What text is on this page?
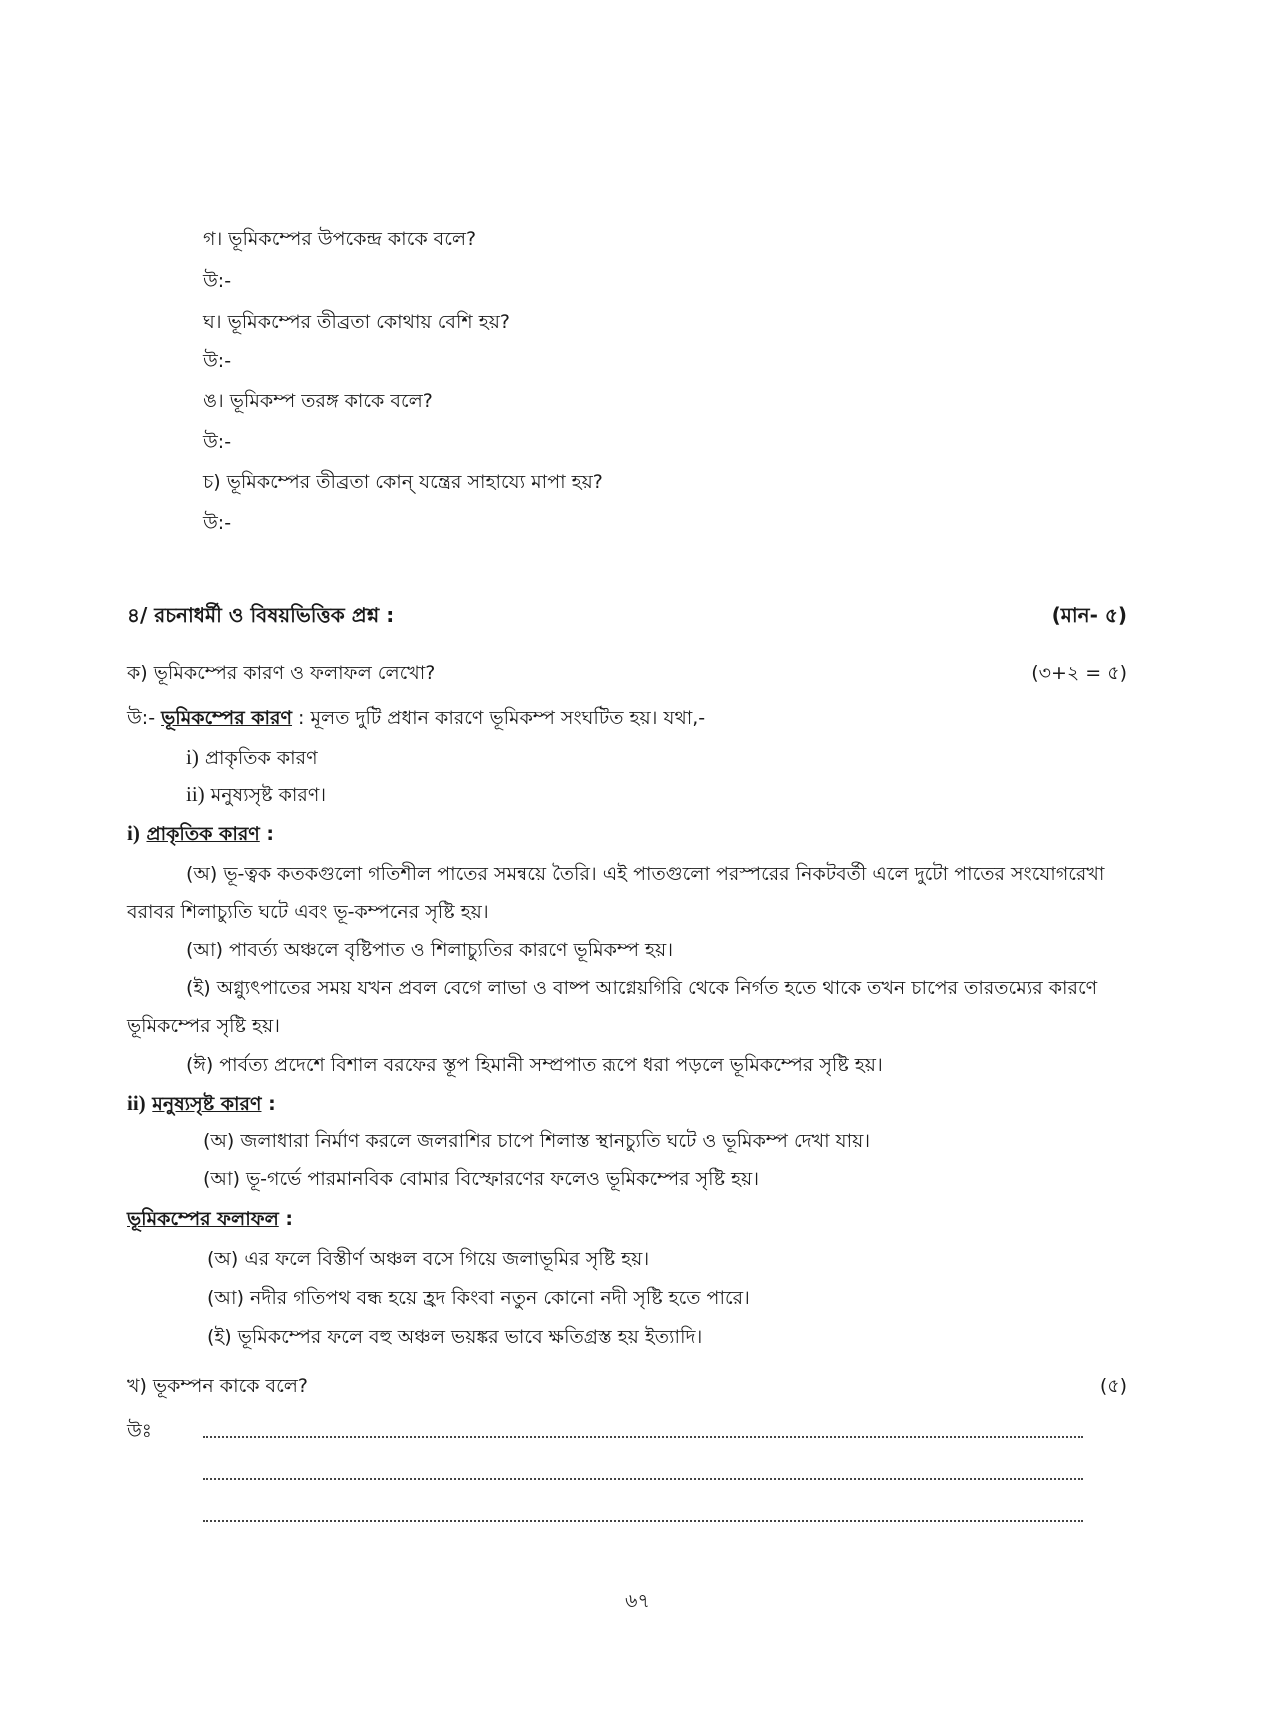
গ। ভূমিকম্পের উপকেন্দ্র কাকে বলে?
উ:-
ঘ। ভূমিকম্পের তীব্রতা কোথায় বেশি হয়?
উ:-
ঙ। ভূমিকম্প তরঙ্গ কাকে বলে?
উ:-
চ) ভূমিকম্পের তীব্রতা কোন্ যন্ত্রের সাহায্যে মাপা হয়?
উ:-
৪/ রচনাধর্মী ও বিষয়ভিত্তিক প্রশ্ন :	(মান- ৫)
ক) ভূমিকম্পের কারণ ও ফলাফল লেখো?	(৩+২ = ৫)
উ:- ভূমিকম্পের কারণ : মূলত দুটি প্রধান কারণে ভূমিকম্প সংঘটিত হয়। যথা,-
i) প্রাকৃতিক কারণ
ii) মনুষ্যসৃষ্ট কারণ।
i) প্রাকৃতিক কারণ :
(অ) ভূ-ত্বক কতকগুলো গতিশীল পাতের সমন্বয়ে তৈরি। এই পাতগুলো পরস্পরের নিকটবর্তী এলে দুটো পাতের সংযোগরেখা
বরাবর শিলাচ্যুতি ঘটে এবং ভূ-কম্পনের সৃষ্টি হয়।
(আ) পাবর্ত্য অঞ্চলে বৃষ্টিপাত ও শিলাচ্যুতির কারণে ভূমিকম্প হয়।
(ই) অগ্ন্যুৎপাতের সময় যখন প্রবল বেগে লাভা ও বাষ্প আগ্নেয়গিরি থেকে নির্গত হতে থাকে তখন চাপের তারতম্যের কারণে
ভূমিকম্পের সৃষ্টি হয়।
(ঈ) পার্বত্য প্রদেশে বিশাল বরফের স্তূপ হিমানী সম্প্রপাত রূপে ধরা পড়লে ভূমিকম্পের সৃষ্টি হয়।
ii) মনুষ্যসৃষ্ট কারণ :
(অ) জলাধারা নির্মাণ করলে জলরাশির চাপে শিলাস্ত স্থানচ্যুতি ঘটে ও ভূমিকম্প দেখা যায়।
(আ) ভূ-গর্ভে পারমানবিক বোমার বিস্ফোরণের ফলেও ভূমিকম্পের সৃষ্টি হয়।
ভূমিকম্পের ফলাফল :
(অ) এর ফলে বিস্তীর্ণ অঞ্চল বসে গিয়ে জলাভূমির সৃষ্টি হয়।
(আ) নদীর গতিপথ বন্ধ হয়ে হ্রদ কিংবা নতুন কোনো নদী সৃষ্টি হতে পারে।
(ই) ভূমিকম্পের ফলে বহু অঞ্চল ভয়ঙ্কর ভাবে ক্ষতিগ্রস্ত হয় ইত্যাদি।
খ) ভূকম্পন কাকে বলে?	(৫)
উঃ
৬৭
